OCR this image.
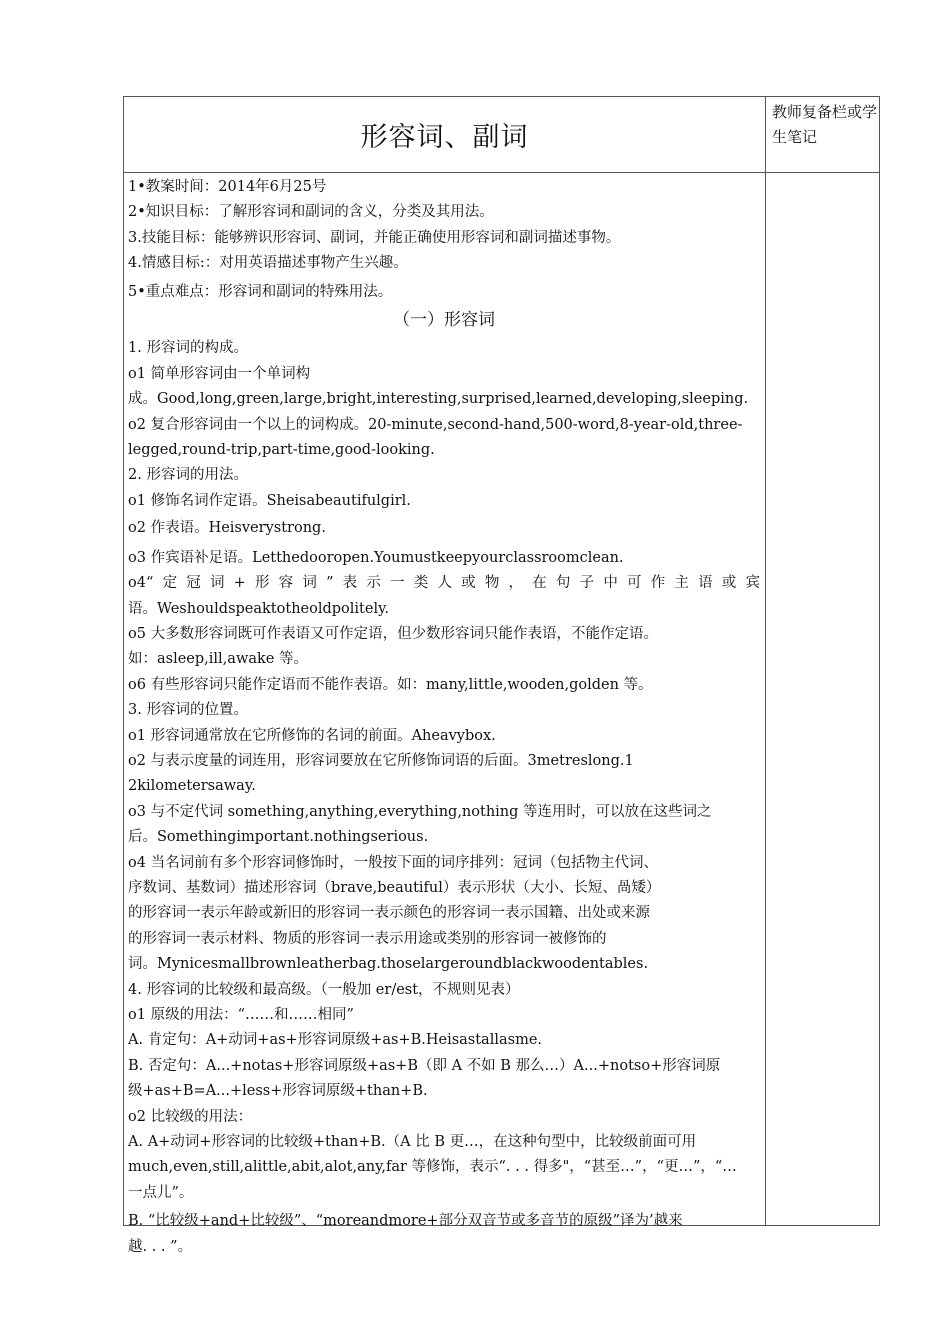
形容词、副词
教师复备栏或学生笔记

1•教案时间：2014年6月25号

2•知识目标：了解形容词和副词的含义，分类及其用法。

3.技能目标：能够辨识形容词、副词，并能正确使用形容词和副词描述事物。

4.情感目标:：对用英语描述事物产生兴趣。

5•重点难点：形容词和副词的特殊用法。

（一）形容词

1. 形容词的构成。

o1 简单形容词由一个单词构

成。Good,long,green,large,bright,interesting,surprised,learned,developing,sleeping.

o2 复合形容词由一个以上的词构成。20-minute,second-hand,500-word,8-year-old,three-

legged,round-trip,part-time,good-looking.

2. 形容词的用法。

o1 修饰名词作定语。Sheisabeautifulgirl.

o2 作表语。Heisverystrong.

o3 作宾语补足语。Letthedooropen.Youmustkeepyourclassroomclean.

o4“定冠词+形容词”表示一类人或物，在句子中可作主语或宾

语。Weshouldspeaktotheoldpolitely.

o5 大多数形容词既可作表语又可作定语，但少数形容词只能作表语，不能作定语。

如：asleep,ill,awake 等。

o6 有些形容词只能作定语而不能作表语。如：many,little,wooden,golden 等。

3. 形容词的位置。

o1 形容词通常放在它所修饰的名词的前面。Aheavybox.

o2 与表示度量的词连用，形容词要放在它所修饰词语的后面。3metreslong.1

2kilometersaway.

o3 与不定代词 something,anything,everything,nothing 等连用时，可以放在这些词之

后。Somethingimportant.nothingserious.

o4 当名词前有多个形容词修饰时，一般按下面的词序排列：冠词（包括物主代词、

序数词、基数词）描述形容词（brave,beautiful）表示形状（大小、长短、咼矮）

的形容词一表示年龄或新旧的形容词一表示颜色的形容词一表示国籍、出处或来源

的形容词一表示材料、物质的形容词一表示用途或类别的形容词一被修饰的

词。Mynicesmallbrownleatherbag.thoselargeroundblackwoodentables.

4. 形容词的比较级和最高级。（一般加 er/est，不规则见表）

o1 原级的用法：“……和……相同”

A. 肯定句：A+动词+as+形容词原级+as+B.Heisastallasme.

B. 否定句：A...+notas+形容词原级+as+B（即 A 不如 B 那么…）A...+notso+形容词原

级+as+B=A...+less+形容词原级+than+B.

o2 比较级的用法：

A. A+动词+形容词的比较级+than+B.（A 比 B 更…，在这种句型中，比较级前面可用

much,even,still,alittle,abit,alot,any,far 等修饰，表示“. . . 得多"，“甚至…”，“更…”，“…

一点儿”。

B. “比较级+and+比较级”、“moreandmore+部分双音节或多音节的原级”译为’越来

越. . . ”。
